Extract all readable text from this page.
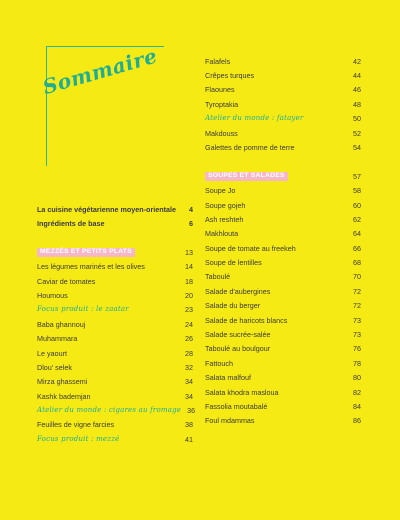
Sommaire
La cuisine végétarienne moyen-orientale	4
Ingrédients de base	6
MEZZÉS ET PETITS PLATS	13
Les légumes marinés et les olives	14
Caviar de tomates	18
Houmous	20
Focus produit : le zaatar	23
Baba ghannouj	24
Muhammara	26
Le yaourt	28
Dlou' selek	32
Mirza ghassemi	34
Kashk bademjan	34
Atelier du monde : cigares au fromage 36
Feuilles de vigne farcies	38
Focus produit : mezzé	41
Falafels	42
Crêpes turques	44
Flaounes	46
Tyroptakia	48
Atelier du monde : fatayer	50
Makdouss	52
Galettes de pomme de terre	54
SOUPES ET SALADES	57
Soupe Jo	58
Soupe gojeh	60
Ash reshteh	62
Makhlouta	64
Soupe de tomate au freekeh	66
Soupe de lentilles	68
Taboulé	70
Salade d'aubergines	72
Salade du berger	72
Salade de haricots blancs	73
Salade sucrée-salée	73
Taboulé au boulgour	76
Fattouch	78
Salata malfouf	80
Salata khodra masloua	82
Fassolia moutabalé	84
Foul mdammas	86
